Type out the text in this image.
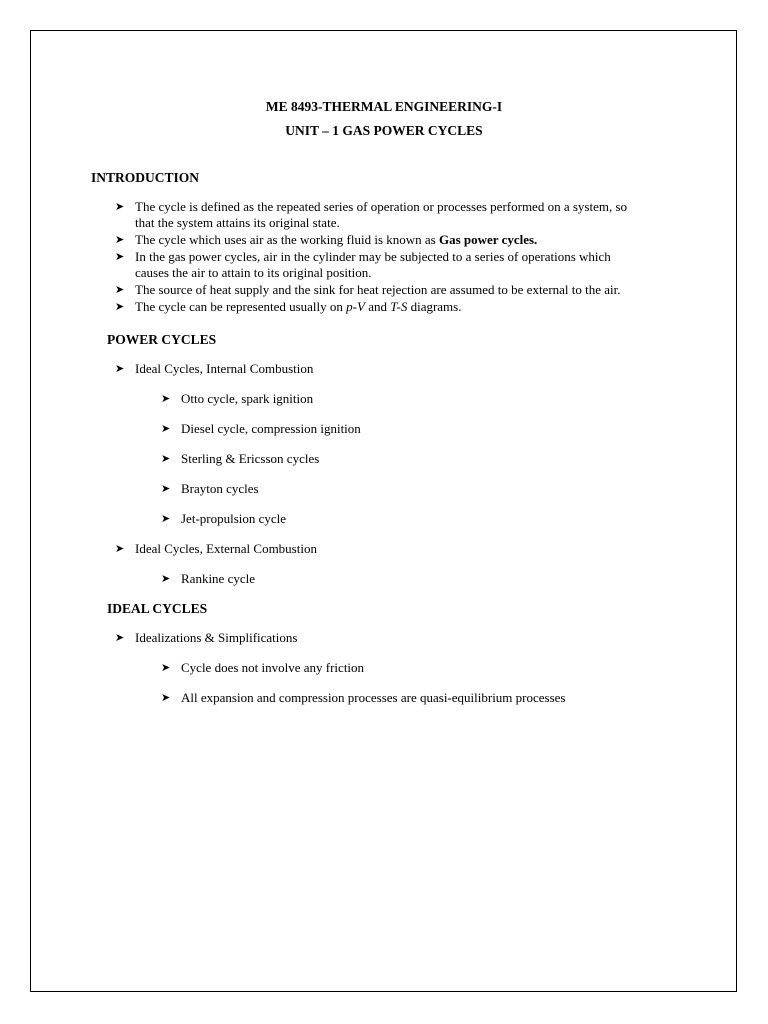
ME 8493-THERMAL ENGINEERING-I
UNIT – 1 GAS POWER CYCLES
INTRODUCTION
➤ The cycle is defined as the repeated series of operation or processes performed on a system, so
that the system attains its original state.
➤ The cycle which uses air as the working fluid is known as Gas power cycles.
➤ In the gas power cycles, air in the cylinder may be subjected to a series of operations which
causes the air to attain to its original position.
➤ The source of heat supply and the sink for heat rejection are assumed to be external to the air.
➤ The cycle can be represented usually on p-V and T-S diagrams.
POWER CYCLES
➤ Ideal Cycles, Internal Combustion
➤ Otto cycle, spark ignition
➤ Diesel cycle, compression ignition
➤ Sterling & Ericsson cycles
➤ Brayton cycles
➤ Jet-propulsion cycle
➤ Ideal Cycles, External Combustion
➤ Rankine cycle
IDEAL CYCLES
➤ Idealizations & Simplifications
➤ Cycle does not involve any friction
➤ All expansion and compression processes are quasi-equilibrium processes
